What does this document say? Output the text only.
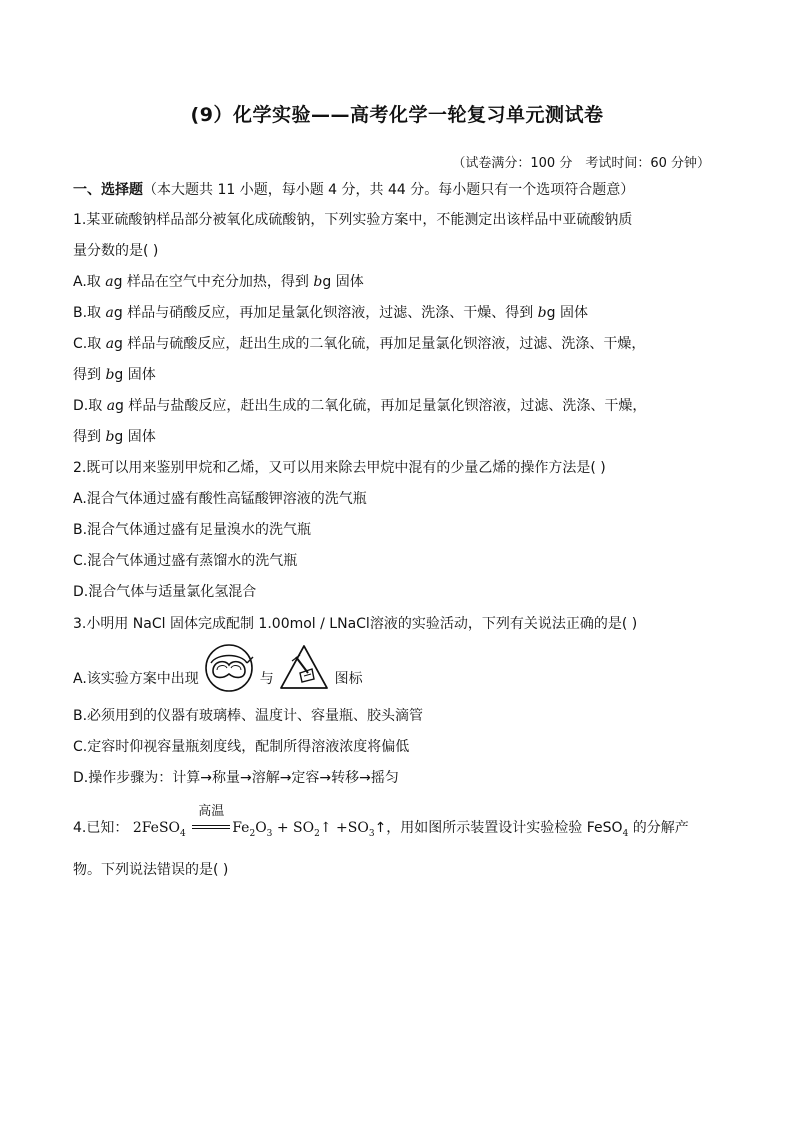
(9）化学实验——高考化学一轮复习单元测试卷
（试卷满分：100 分　考试时间：60 分钟）
一、选择题（本大题共 11 小题，每小题 4 分，共 44 分。每小题只有一个选项符合题意）
1.某亚硫酸钠样品部分被氧化成硫酸钠，下列实验方案中，不能测定出该样品中亚硫酸钠质
量分数的是( )
A.取 ag 样品在空气中充分加热，得到 bg 固体
B.取 ag 样品与硝酸反应，再加足量氯化钡溶液，过滤、洗涤、干燥、得到 bg 固体
C.取 ag 样品与硫酸反应，赶出生成的二氧化硫，再加足量氯化钡溶液，过滤、洗涤、干燥，
得到 bg 固体
D.取 ag 样品与盐酸反应，赶出生成的二氧化硫，再加足量氯化钡溶液，过滤、洗涤、干燥，
得到 bg 固体
2.既可以用来鉴别甲烷和乙烯，又可以用来除去甲烷中混有的少量乙烯的操作方法是( )
A.混合气体通过盛有酸性高锰酸钾溶液的洗气瓶
B.混合气体通过盛有足量溴水的洗气瓶
C.混合气体通过盛有蒸馏水的洗气瓶
D.混合气体与适量氯化氢混合
3.小明用 NaCl 固体完成配制 1.00mol / LNaCl溶液的实验活动，下列有关说法正确的是( )
A.该实验方案中出现	与	图标
B.必须用到的仪器有玻璃棒、温度计、容量瓶、胶头滴管
C.定容时仰视容量瓶刻度线，配制所得溶液浓度将偏低
D.操作步骤为：计算→称量→溶解→定容→转移→摇匀
4.已知： 2FeSO$_4$
高温
$Fe_2O_3$ + $SO_2↑$ $+SO_3↑$，用如图所示装置设计实验检验 FeSO$_4$ 的分解产
物。下列说法错误的是( )
